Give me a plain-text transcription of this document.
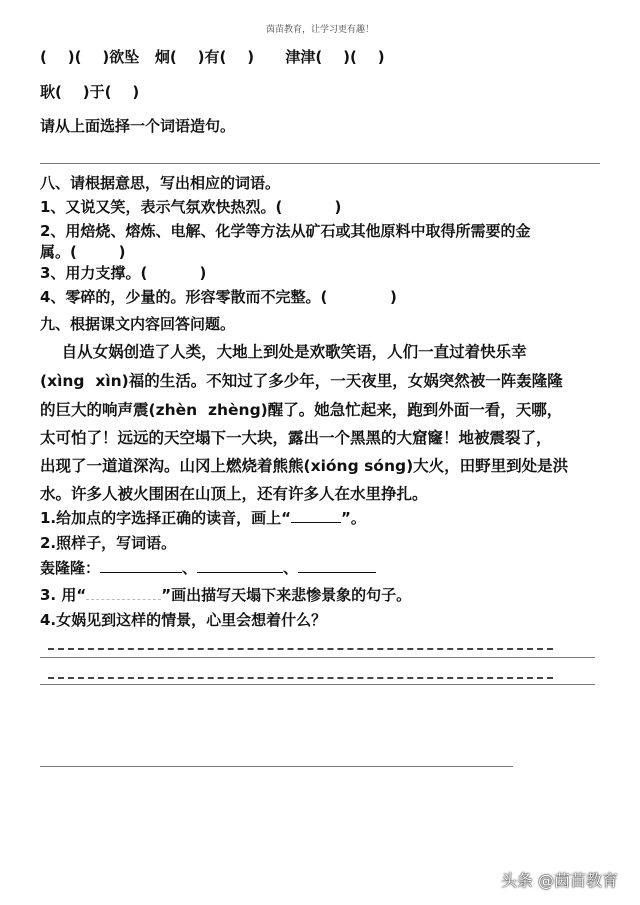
茵苗教育，让学习更有趣！
(    )(    )欲坠   炯(    )有(    )      津津(    )(    )
耿(    )于(    )
请从上面选择一个词语造句。
八、请根据意思，写出相应的词语。
1、又说又笑，表示气氛欢快热烈。(          )
2、用焙烧、熔炼、电解、化学等方法从矿石或其他原料中取得所需要的金
属。(        )
3、用力支撑。(          )
4、零碎的，少量的。形容零散而不完整。(            )
九、根据课文内容回答问题。
自从女娲创造了人类，大地上到处是欢歌笑语，人们一直过着快乐幸
(xìng  xìn)福的生活。不知过了多少年，一天夜里，女娲突然被一阵轰隆隆
的巨大的响声震(zhèn  zhèng)醒了。她急忙起来，跑到外面一看，天哪，
太可怕了！远远的天空塌下一大块，露出一个黑黑的大窟窿！地被震裂了，
出现了一道道深沟。山冈上燃烧着熊熊(xióng sóng)大火，田野里到处是洪
水。许多人被火围困在山顶上，还有许多人在水里挣扎。
1.给加点的字选择正确的读音，画上“	”。
2.照样子，写词语。
轰隆隆：	、	、
3. 用“	”画出描写天塌下来悲惨景象的句子。
4.女娲见到这样的情景，心里会想着什么？
头条 @茵苗教育
